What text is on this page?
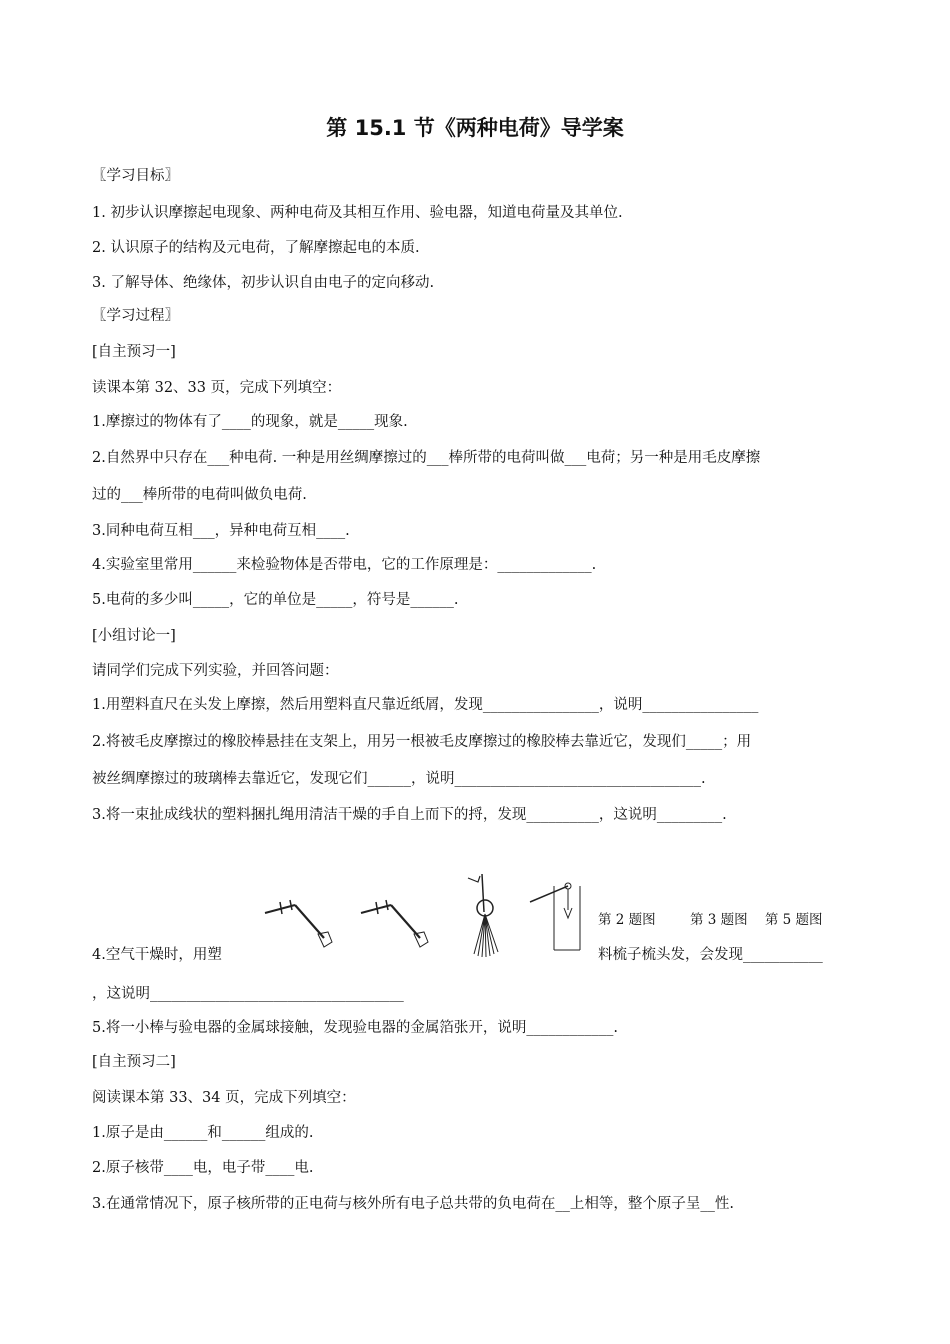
第 15.1 节《两种电荷》导学案
〖学习目标〗
1. 初步认识摩擦起电现象、两种电荷及其相互作用、验电器，知道电荷量及其单位.
2. 认识原子的结构及元电荷，了解摩擦起电的本质.
3. 了解导体、绝缘体，初步认识自由电子的定向移动.
〖学习过程〗
[自主预习一]
读课本第 32、33 页，完成下列填空：
1.摩擦过的物体有了____的现象，就是_____现象.
2.自然界中只存在___种电荷. 一种是用丝绸摩擦过的___棒所带的电荷叫做___电荷；另一种是用毛皮摩擦
过的___棒所带的电荷叫做负电荷.
3.同种电荷互相___，异种电荷互相____.
4.实验室里常用______来检验物体是否带电，它的工作原理是：_____________.
5.电荷的多少叫_____，它的单位是_____，符号是______.
[小组讨论一]
请同学们完成下列实验，并回答问题：
1.用塑料直尺在头发上摩擦，然后用塑料直尺靠近纸屑，发现________________，说明________________
2.将被毛皮摩擦过的橡胶棒悬挂在支架上，用另一根被毛皮摩擦过的橡胶棒去靠近它，发现们_____；用
被丝绸摩擦过的玻璃棒去靠近它，发现它们______，说明__________________________________.
3.将一束扯成线状的塑料捆扎绳用清洁干燥的手自上而下的捋，发现__________，这说明_________.
第 2 题图        第 3 题图    第 5 题图
4.空气干燥时，用塑	料梳子梳头发，会发现___________
，这说明___________________________________
5.将一小棒与验电器的金属球接触，发现验电器的金属箔张开，说明____________.
[自主预习二]
阅读课本第 33、34 页，完成下列填空：
1.原子是由______和______组成的.
2.原子核带____电，电子带____电.
3.在通常情况下，原子核所带的正电荷与核外所有电子总共带的负电荷在__上相等，整个原子呈__性.
